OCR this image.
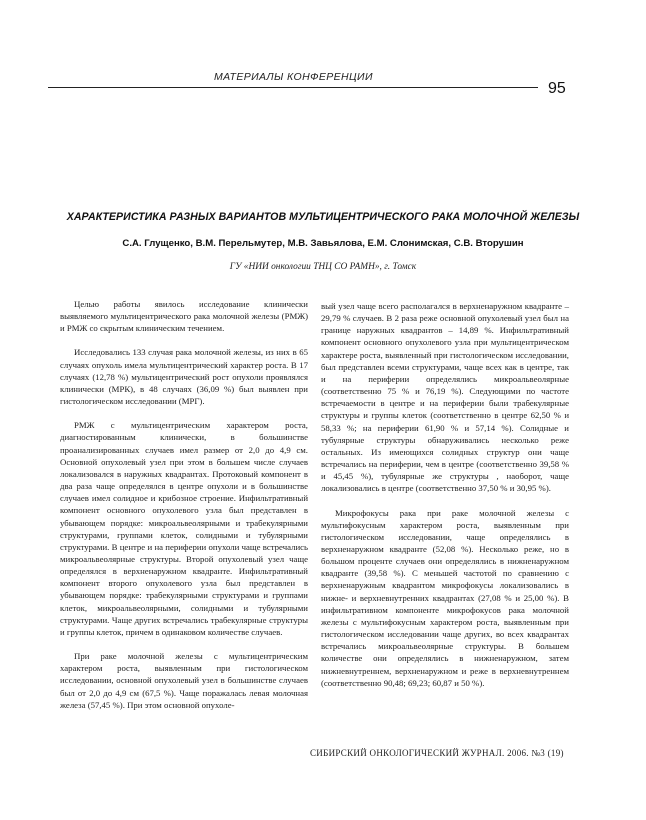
МАТЕРИАЛЫ КОНФЕРЕНЦИИ
95
ХАРАКТЕРИСТИКА РАЗНЫХ ВАРИАНТОВ МУЛЬТИЦЕНТРИЧЕСКОГО РАКА МОЛОЧНОЙ ЖЕЛЕЗЫ

С.А. Глущенко, В.М. Перельмутер, М.В. Завьялова, Е.М. Слонимская, С.В. Вторушин

ГУ «НИИ онкологии ТНЦ СО РАМН», г. Томск

Целью работы явилось исследование клинически выявляемого мультицентрического рака молочной железы (РМЖ) и РМЖ со скрытым клиническим течением.

Исследовались 133 случая рака молочной железы, из них в 65 случаях опухоль имела мультицентрический характер роста. В 17 случаях (12,78 %) мультицентрический рост опухоли проявлялся клинически (МРК), в 48 случаях (36,09 %) был выявлен при гистологическом исследовании (МРГ).

РМЖ с мультицентрическим характером роста, диагностированным клинически, в большинстве проанализированных случаев имел размер от 2,0 до 4,9 см. Основной опухолевый узел при этом в большем числе случаев локализовался в наружных квадрантах. Протоковый компонент в два раза чаще определялся в центре опухоли и в большинстве случаев имел солидное и крибозное строение. Инфильтративный компонент основного опухолевого узла был представлен в убывающем порядке: микроальвеолярными и трабекулярными структурами, группами клеток, солидными и тубулярными структурами. В центре и на периферии опухоли чаще встречались микроальвеолярные структуры. Второй опухолевый узел чаще определялся в верхненаружном квадранте. Инфильтративный компонент второго опухолевого узла был представлен в убывающем порядке: трабекулярными структурами и группами клеток, микроальвеолярными, солидными и тубулярными структурами. Чаще других встречались трабекулярные структуры и группы клеток, причем в одинаковом количестве случаев.

При раке молочной железы с мультицентрическим характером роста, выявленным при гистологическом исследовании, основной опухолевый узел в большинстве случаев был от 2,0 до 4,9 см (67,5 %). Чаще поражалась левая молочная железа (57,45 %). При этом основной опухоле-

вый узел чаще всего располагался в верхненаружном квадранте – 29,79 % случаев. В 2 раза реже основной опухолевый узел был на границе наружных квадрантов – 14,89 %. Инфильтративный компонент основного опухолевого узла при мультицентрическом характере роста, выявленный при гистологическом исследовании, был представлен всеми структурами, чаще всех как в центре, так и на периферии определялись микроальвеолярные (соответственно 75 % и 76,19 %). Следующими по частоте встречаемости в центре и на периферии были трабекулярные структуры и группы клеток (соответственно в центре 62,50 % и 58,33 %; на периферии 61,90 % и 57,14 %). Солидные и тубулярные структуры обнаруживались несколько реже остальных. Из имеющихся солидных структур они чаще встречались на периферии, чем в центре (соответственно 39,58 % и 45,45 %), тубулярные же структуры , наоборот, чаще локализовались в центре (соответственно 37,50 % и 30,95 %).

Микрофокусы рака при раке молочной железы с мультифокусным характером роста, выявленным при гистологическом исследовании, чаще определялись в верхненаружном квадранте (52,08 %). Несколько реже, но в большом проценте случаев они определялись в нижненаружном квадранте (39,58 %). С меньшей частотой по сравнению с верхненаружным квадрантом микрофокусы локализовались в нижне- и верхневнутренних квадрантах (27,08 % и 25,00 %). В инфильтративном компоненте микрофокусов рака молочной железы с мультифокусным характером роста, выявленным при гистологическом исследовании чаще других, во всех квадрантах встречались микроальвеолярные структуры. В большем количестве они определялись в нижненаружном, затем нижневнутреннем, верхненаружном и реже в верхневнутреннем (соответственно 90,48; 69,23; 60,87 и 50 %).

СИБИРСКИЙ ОНКОЛОГИЧЕСКИЙ ЖУРНАЛ. 2006. №3 (19)
